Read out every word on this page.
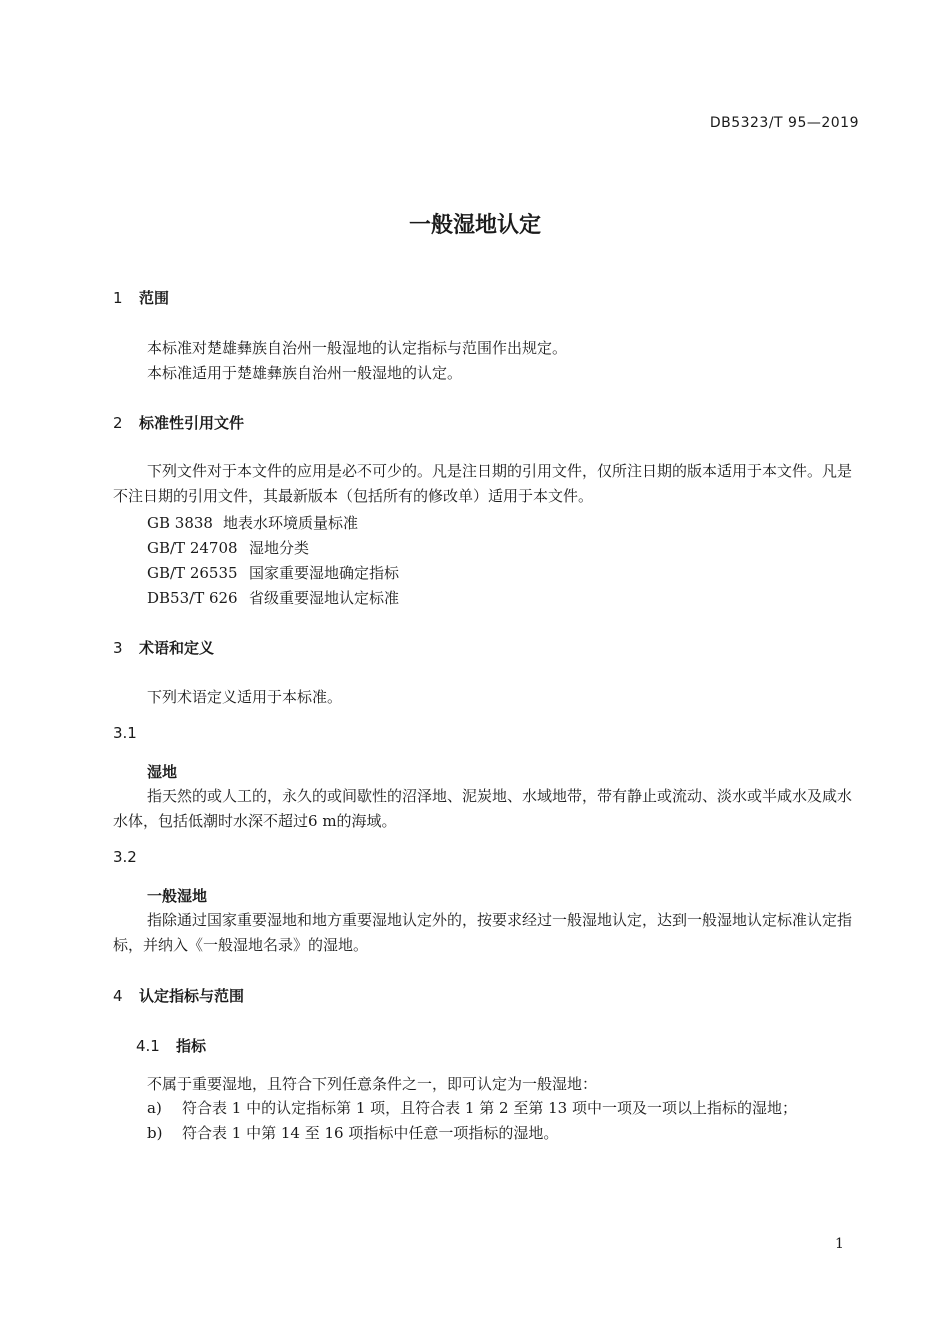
DB5323/T 95—2019
一般湿地认定
1 范围
本标准对楚雄彝族自治州一般湿地的认定指标与范围作出规定。
本标准适用于楚雄彝族自治州一般湿地的认定。
2 标准性引用文件
下列文件对于本文件的应用是必不可少的。凡是注日期的引用文件，仅所注日期的版本适用于本文件。凡是不注日期的引用文件，其最新版本（包括所有的修改单）适用于本文件。
GB 3838 地表水环境质量标准
GB/T 24708 湿地分类
GB/T 26535 国家重要湿地确定指标
DB53/T 626 省级重要湿地认定标准
3 术语和定义
下列术语定义适用于本标准。
3.1
湿地
指天然的或人工的，永久的或间歇性的沼泽地、泥炭地、水域地带，带有静止或流动、淡水或半咸水及咸水水体，包括低潮时水深不超过6 m的海域。
3.2
一般湿地
指除通过国家重要湿地和地方重要湿地认定外的，按要求经过一般湿地认定，达到一般湿地认定标准认定指标，并纳入《一般湿地名录》的湿地。
4 认定指标与范围
4.1 指标
不属于重要湿地，且符合下列任意条件之一，即可认定为一般湿地：
a) 符合表 1 中的认定指标第 1 项，且符合表 1 第 2 至第 13 项中一项及一项以上指标的湿地；
b) 符合表 1 中第 14 至 16 项指标中任意一项指标的湿地。
1
